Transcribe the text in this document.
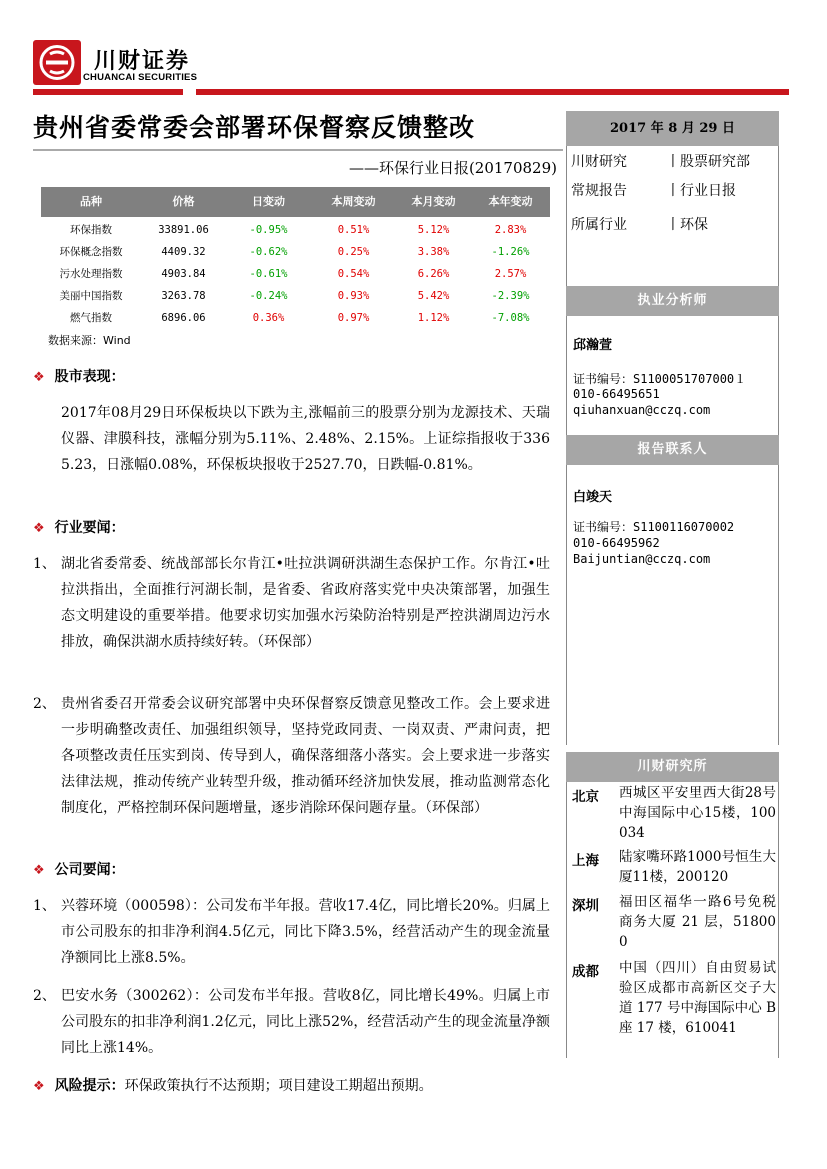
川财证券
CHUANCAI SECURITIES
贵州省委常委会部署环保督察反馈整改
——环保行业日报(20170829)
品种	价格	日变动	本周变动	本月变动	本年变动
环保指数	33891.06	-0.95%	0.51%	5.12%	2.83%
环保概念指数	4409.32	-0.62%	0.25%	3.38%	-1.26%
污水处理指数	4903.84	-0.61%	0.54%	6.26%	2.57%
美丽中国指数	3263.78	-0.24%	0.93%	5.42%	-2.39%
燃气指数	6896.06	0.36%	0.97%	1.12%	-7.08%
数据来源：Wind
❖ 股市表现：
2017年08月29日环保板块以下跌为主,涨幅前三的股票分别为龙源技术、天瑞仪器、津膜科技，涨幅分别为5.11%、2.48%、2.15%。上证综指报收于3365.23，日涨幅0.08%，环保板块报收于2527.70，日跌幅-0.81%。
❖ 行业要闻：
1、 湖北省委常委、统战部部长尔肯江•吐拉洪调研洪湖生态保护工作。尔肯江•吐拉洪指出，全面推行河湖长制，是省委、省政府落实党中央决策部署，加强生态文明建设的重要举措。他要求切实加强水污染防治特别是严控洪湖周边污水排放，确保洪湖水质持续好转。（环保部）
2、 贵州省委召开常委会议研究部署中央环保督察反馈意见整改工作。会上要求进一步明确整改责任、加强组织领导，坚持党政同责、一岗双责、严肃问责，把各项整改责任压实到岗、传导到人，确保落细落小落实。会上要求进一步落实法律法规，推动传统产业转型升级，推动循环经济加快发展，推动监测常态化制度化，严格控制环保问题增量，逐步消除环保问题存量。（环保部）
❖ 公司要闻：
1、 兴蓉环境（000598）：公司发布半年报。营收17.4亿，同比增长20%。归属上市公司股东的扣非净利润4.5亿元，同比下降3.5%，经营活动产生的现金流量净额同比上涨8.5%。
2、 巴安水务（300262）：公司发布半年报。营收8亿，同比增长49%。归属上市公司股东的扣非净利润1.2亿元，同比上涨52%，经营活动产生的现金流量净额同比上涨14%。
❖ 风险提示：环保政策执行不达预期；项目建设工期超出预期。
2017 年 8 月 29 日
川财研究	丨股票研究部
常规报告	丨行业日报
所属行业	丨环保
执业分析师
邱瀚萱
证书编号：S1100051707000１
010-66495651
qiuhanxuan@cczq.com
报告联系人
白竣天
证书编号：S1100116070002
010-66495962
Baijuntian@cczq.com
川财研究所
北京 西城区平安里西大街28号中海国际中心15楼，100034
上海 陆家嘴环路1000号恒生大厦11楼，200120
深圳 福田区福华一路6号免税商务大厦 21 层，518000
成都 中国（四川）自由贸易试验区成都市高新区交子大道 177 号中海国际中心 B 座 17 楼，610041
